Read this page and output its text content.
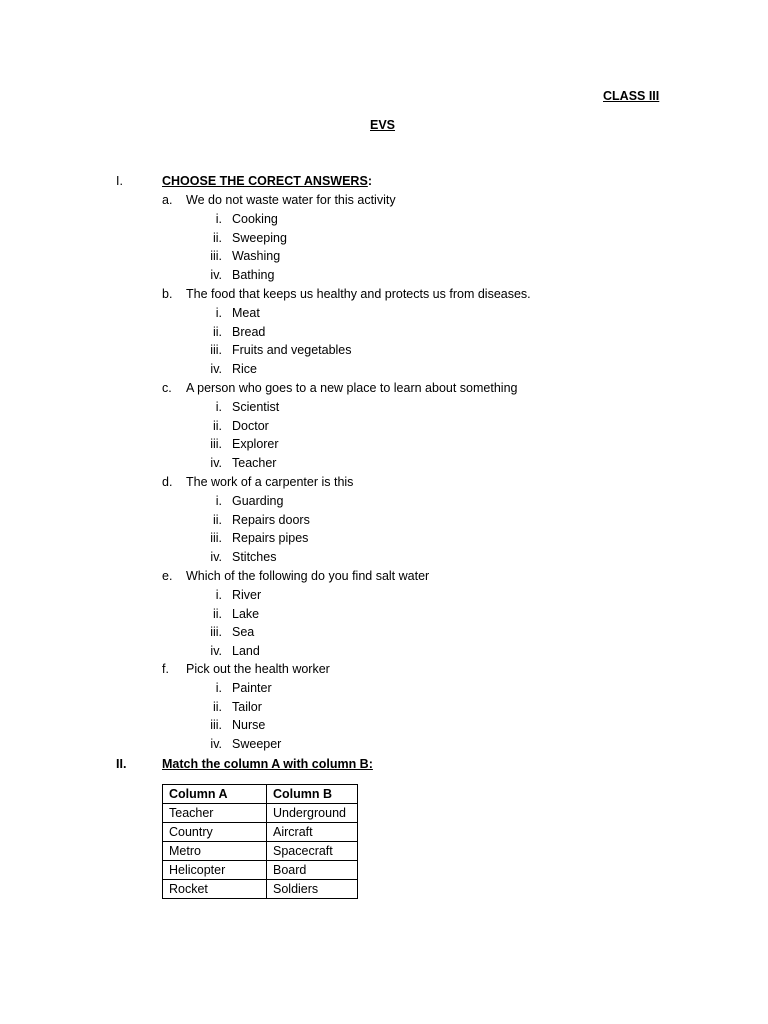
CLASS III
EVS
I.	CHOOSE THE CORECT ANSWERS:
a. We do not waste water for this activity
i. Cooking
ii. Sweeping
iii. Washing
iv. Bathing
b. The food that keeps us healthy and protects us from diseases.
i. Meat
ii. Bread
iii. Fruits and vegetables
iv. Rice
c. A person who goes to a new place to learn about something
i. Scientist
ii. Doctor
iii. Explorer
iv. Teacher
d. The work of a carpenter is this
i. Guarding
ii. Repairs doors
iii. Repairs pipes
iv. Stitches
e. Which of the following do you find salt water
i. River
ii. Lake
iii. Sea
iv. Land
f. Pick out the health worker
i. Painter
ii. Tailor
iii. Nurse
iv. Sweeper
II.	Match the column A with column B:
Column A	Column B
Teacher	Underground
Country	Aircraft
Metro	Spacecraft
Helicopter	Board
Rocket	Soldiers
